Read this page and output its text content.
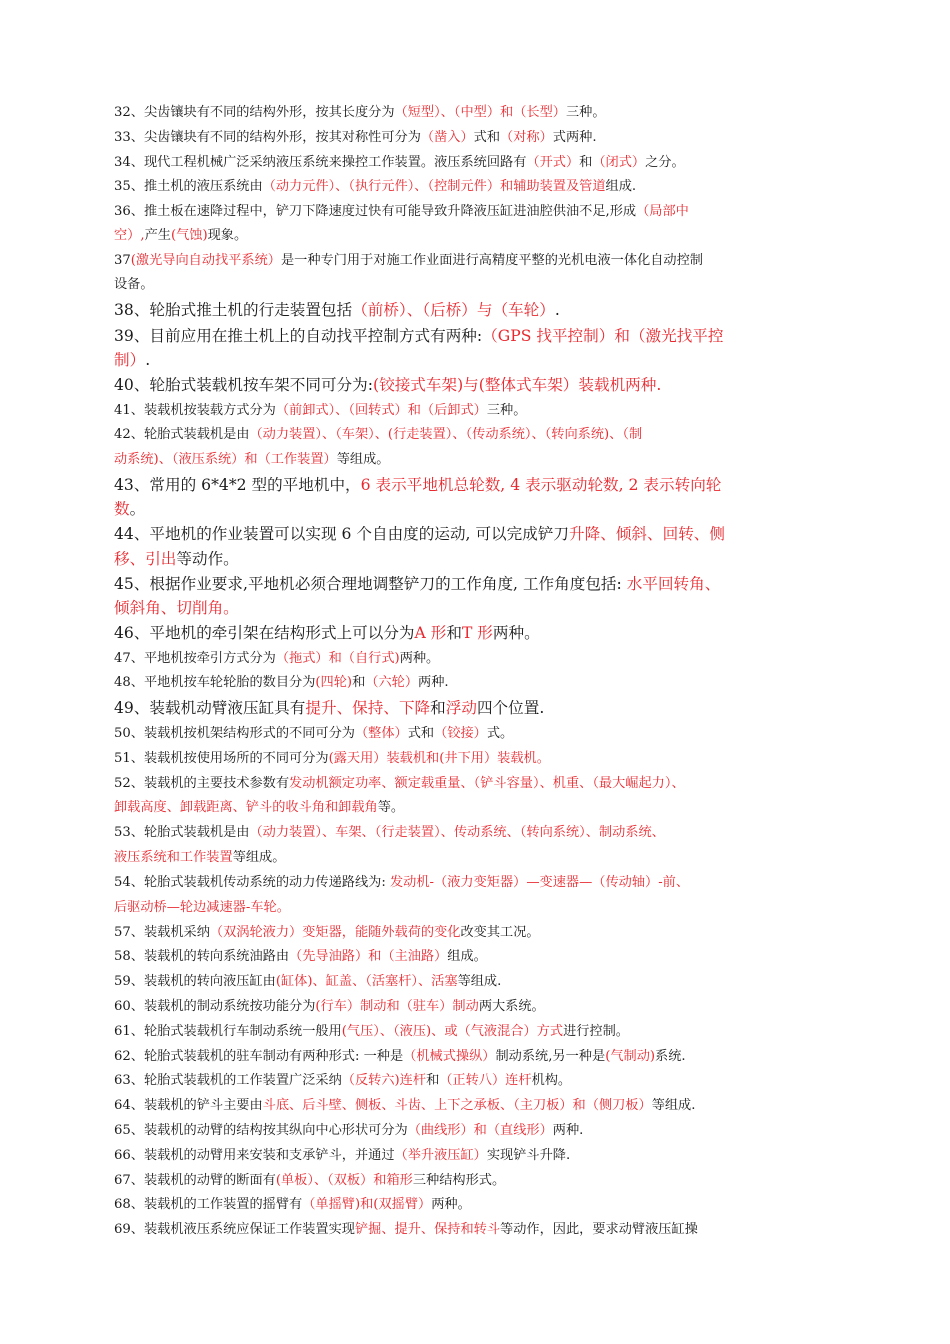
32、尖齿镶块有不同的结构外形，按其长度分为（短型）、（中型）和（长型）三种。
33、尖齿镶块有不同的结构外形，按其对称性可分为（凿入）式和（对称）式两种.
34、现代工程机械广泛采纳液压系统来操控工作装置。液压系统回路有（开式）和（闭式）之分。
35、推土机的液压系统由（动力元件）、（执行元件）、（控制元件）和辅助装置及管道组成.
36、推土板在速降过程中，铲刀下降速度过快有可能导致升降液压缸进油腔供油不足,形成（局部中
空）,产生(气蚀)现象。
37(激光导向自动找平系统）是一种专门用于对施工作业面进行高精度平整的光机电液一体化自动控制
设备。
38、轮胎式推土机的行走装置包括（前桥）、（后桥）与（车轮）.
39、目前应用在推土机上的自动找平控制方式有两种:（GPS 找平控制）和（激光找平控
制）.
40、轮胎式装载机按车架不同可分为:(铰接式车架)与(整体式车架）装载机两种.
41、装载机按装载方式分为（前卸式）、（回转式）和（后卸式）三种。
42、轮胎式装载机是由（动力装置）、（车架）、(行走装置）、（传动系统）、（转向系统)、（制
动系统)、（液压系统）和（工作装置）等组成。
43、常用的 6*4*2 型的平地机中，6 表示平地机总轮数, 4 表示驱动轮数, 2 表示转向轮
数。
44、平地机的作业装置可以实现 6 个自由度的运动, 可以完成铲刀升降、倾斜、回转、侧
移、引出等动作。
45、根据作业要求,平地机必须合理地调整铲刀的工作角度, 工作角度包括: 水平回转角、
倾斜角、切削角。
46、平地机的牵引架在结构形式上可以分为A 形和T 形两种。
47、平地机按牵引方式分为（拖式）和（自行式)两种。
48、平地机按车轮轮胎的数目分为(四轮)和（六轮）两种.
49、装载机动臂液压缸具有提升、保持、下降和浮动四个位置.
50、装载机按机架结构形式的不同可分为（整体）式和（铰接）式。
51、装载机按使用场所的不同可分为(露天用）装载机和(井下用）装载机。
52、装载机的主要技术参数有发动机额定功率、额定载重量、（铲斗容量）、机重、（最大崛起力）、
卸载高度、卸载距离、铲斗的收斗角和卸载角等。
53、轮胎式装载机是由（动力装置）、车架、（行走装置）、传动系统、（转向系统）、制动系统、
液压系统和工作装置等组成。
54、轮胎式装载机传动系统的动力传递路线为: 发动机-（液力变矩器）—变速器—（传动轴）-前、
后驱动桥—轮边减速器-车轮。
57、装载机采纳（双涡轮液力）变矩器，能随外载荷的变化改变其工况。
58、装载机的转向系统油路由（先导油路）和（主油路）组成。
59、装载机的转向液压缸由(缸体)、缸盖、（活塞杆）、活塞等组成.
60、装载机的制动系统按功能分为(行车）制动和（驻车）制动两大系统。
61、轮胎式装载机行车制动系统一般用(气压）、（液压)、或（气液混合）方式进行控制。
62、轮胎式装载机的驻车制动有两种形式: 一种是（机械式操纵）制动系统,另一种是(气制动)系统.
63、轮胎式装载机的工作装置广泛采纳（反转六)连杆和（正转八）连杆机构。
64、装载机的铲斗主要由斗底、后斗壁、侧板、斗齿、上下之承板、（主刀板）和（侧刀板）等组成.
65、装载机的动臂的结构按其纵向中心形状可分为（曲线形）和（直线形）两种.
66、装载机的动臂用来安装和支承铲斗，并通过（举升液压缸）实现铲斗升降.
67、装载机的动臂的断面有(单板）、（双板）和箱形三种结构形式。
68、装载机的工作装置的摇臂有（单摇臂)和(双摇臂）两种。
69、装载机液压系统应保证工作装置实现铲掘、提升、保持和转斗等动作，因此，要求动臂液压缸操
